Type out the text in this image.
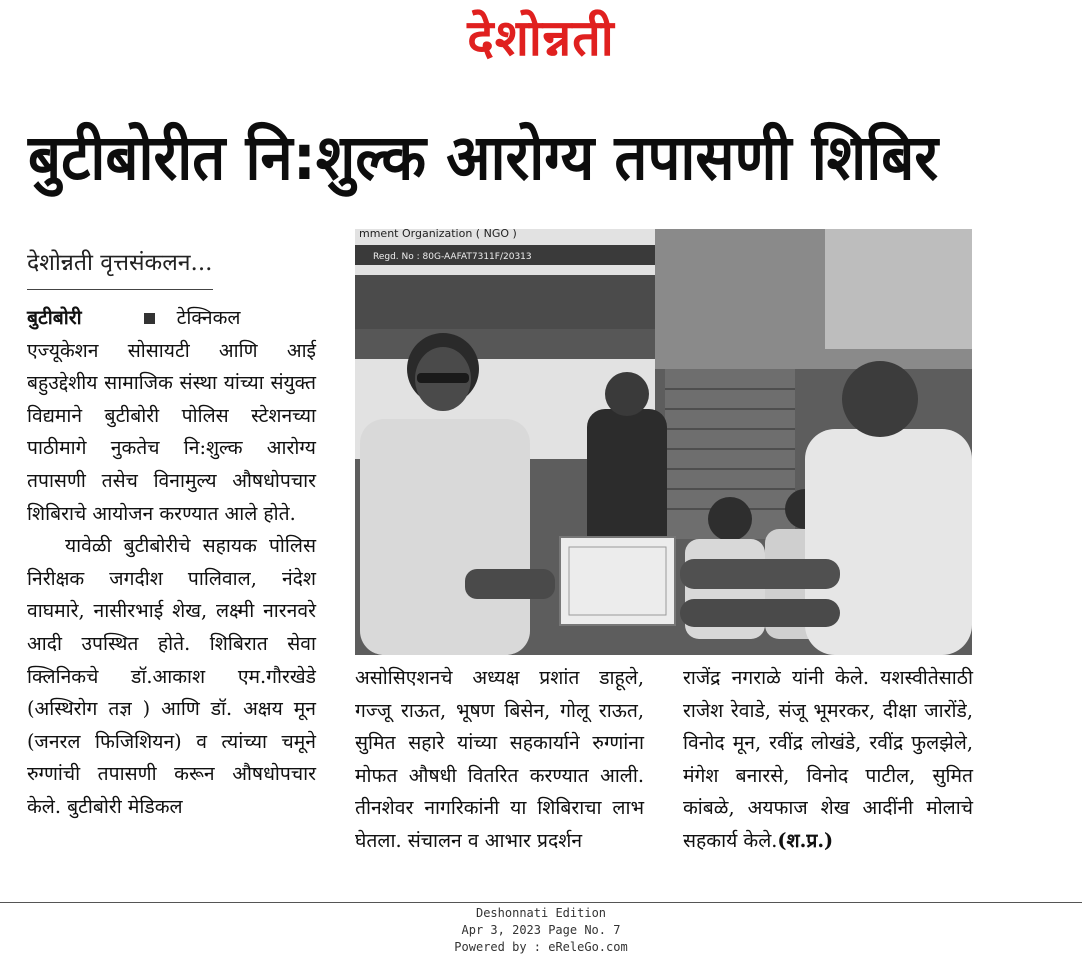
देशोन्नती
बुटीबोरीत नि:शुल्क आरोग्य तपासणी शिबिर
देशोन्नती वृत्तसंकलन...

बुटीबोरी	टेक्निकल एज्यूकेशन सोसायटी आणि आई बहुउद्देशीय सामाजिक संस्था यांच्या संयुक्त विद्यमाने बुटीबोरी पोलिस स्टेशनच्या पाठीमागे नुकतेच नि:शुल्क आरोग्य तपासणी तसेच विनामुल्य औषधोपचार शिबिराचे आयोजन करण्यात आले होते.

यावेळी बुटीबोरीचे सहायक पोलिस निरीक्षक जगदीश पालिवाल, नंदेश वाघमारे, नासीरभाई शेख, लक्ष्मी नारनवरे आदी उपस्थित होते. शिबिरात सेवा क्लिनिकचे डॉ.आकाश एम.गौरखेडे (अस्थिरोग तज्ञ ) आणि डॉ. अक्षय मून (जनरल फिजिशियन) व त्यांच्या चमूने रुग्णांची तपासणी करून औषधोपचार केले. बुटीबोरी मेडिकल

mment Organization ( NGO )
Regd. No : 80G-AAFAT7311F/20313

असोसिएशनचे अध्यक्ष प्रशांत डाहूले, गज्जू राऊत, भूषण बिसेन, गोलू राऊत, सुमित सहारे यांच्या सहकार्याने रुग्णांना मोफत औषधी वितरित करण्यात आली. तीनशेवर नागरिकांनी या शिबिराचा लाभ घेतला. संचालन व आभार प्रदर्शन

राजेंद्र नगराळे यांनी केले. यशस्वीतेसाठी राजेश रेवाडे, संजू भूमरकर, दीक्षा जारोंडे, विनोद मून, रवींद्र लोखंडे, रवींद्र फुलझेले, मंगेश बनारसे, विनोद पाटील, सुमित कांबळे, अयफाज शेख आदींनी मोलाचे सहकार्य केले.(श.प्र.)

Deshonnati Edition
Apr 3, 2023 Page No. 7
Powered by : eReleGo.com
